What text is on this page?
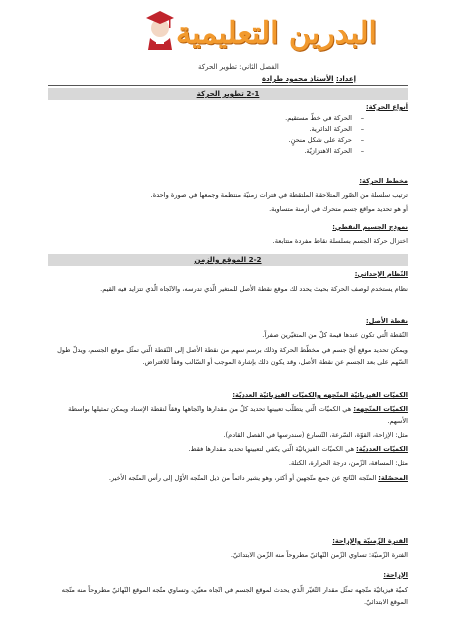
البدرين التعليمية
الفصل الثاني: تطوير الحركة
إعداد: الأستاذ محمود طرادة
2-1 تطوير الحركة
أنواع الحركة:
– الحركة في خطّ مستقيم.
– الحركة الدائرية.
– حركة على شكل منحنٍ.
– الحركة الاهتزازيّة.
مخطط الحركة:
ترتيب سلسلة من الصّور المتلاحقة الملتقطة في فترات زمنيّة منتظمة وجمعها في صورة واحدة.
أو هو تحديد مواقع جسم متحرك في أزمنة متساوية.
نموذج الجسيم النقطي:
اختزال حركة الجسم بسلسلة نقاط مفردة متتابعة.
2-2 الموقع والزمن
النّظام الإحداثي:
نظام يستخدم لوصف الحركة بحيث يحدد لك موقع نقطة الأصل للمتغير الّذي تدرسه، والاتّجاه الّذي تتزايد فيه القيم.
نقطة الأصل:
النّقطة الّتي تكون عندها قيمة كلّ من المتغيّرين صفراً.
ويمكن تحديد موقع أيّ جسم في مخطّط الحركة وذلك برسم سهم من نقطة الأصل إلى النّقطة الّتي تمثّل موقع الجسم، ويدلّ طول السّهم على بعد الجسم عن نقطة الأصل، وقد يكون ذلك بإشارة الموجب أو السّالب وفقاً للافتراض.
الكميّات الفيزيائيّة المتّجهه والكميّات الفيزيائيّة العدديّة:
الكميّات المتّجهه: هي الكميّات الّتي يتطلّب تعيينها تحديد كلّ من مقدارها واتّجاهها وفقاً لنقطة الإسناد ويمكن تمثيلها بواسطة الأسهم.
مثل: الإزاحة، القوّة، السّرعة، التّسارع (سندرسها في الفصل القادم).
الكميّات العدديّة: هي الكميّات الفيزيائيّة الّتي يكفي لتعيينها تحديد مقدارها فقط.
مثل: المسافة، الزّمن، درجة الحرارة، الكتلة.
المحصّلة: المتّجه النّاتج عن جمع متّجهين أو أكثر، وهو يشير دائماً من ذيل المتّجه الأوّل إلى رأس المتّجه الأخير.
الفترة الزّمنيّة والإزاحة:
الفترة الزّمنيّة: تساوي الزّمن النّهائيّ مطروحاً منه الزّمن الابتدائيّ.
الإزاحة:
كميّة فيزيائيّة متّجهه تمثّل مقدار التّغيّر الّذي يحدث لموقع الجسم في اتّجاه معيّن، وتساوي متّجه الموقع النّهائيّ مطروحاً منه متّجه الموقع الابتدائيّ.
